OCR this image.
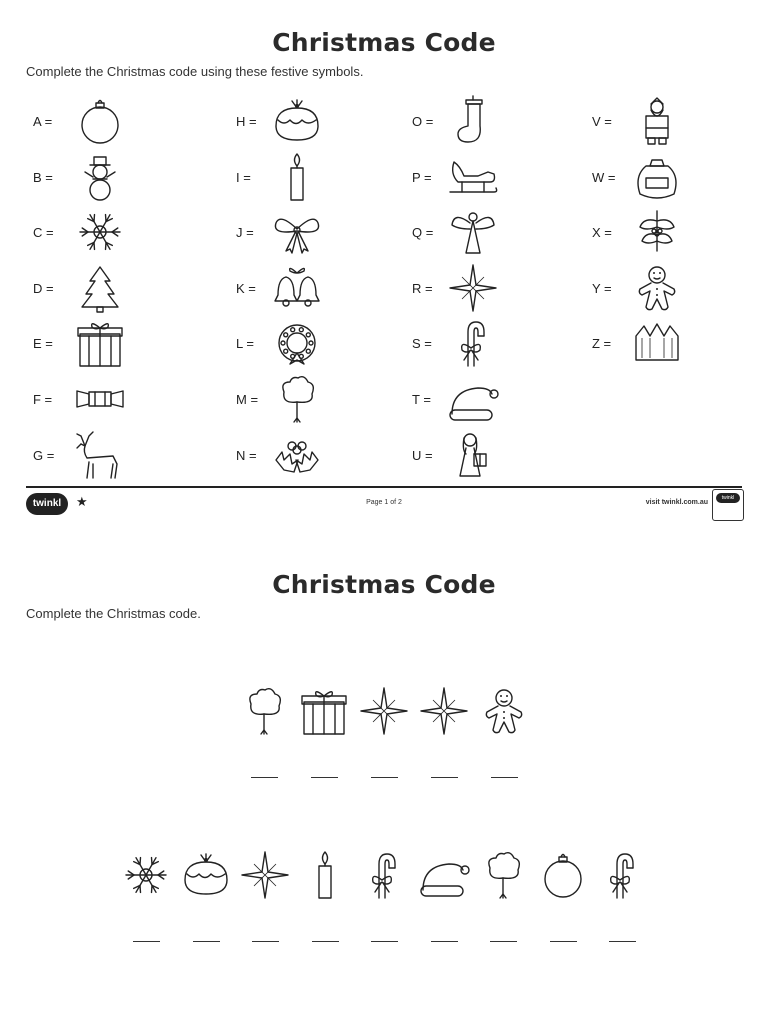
Christmas Code
Complete the Christmas code using these festive symbols.
A =
B =
C =
D =
E =
F =
G =
H =
I =
J =
K =
L =
M =
N =
O =
P =
Q =
R =
S =
T =
U =
V =
W =
X =
Y =
Z =
twinkl	★	Page 1 of 2	visit twinkl.com.au
twinkl
Christmas Code
Complete the Christmas code.
